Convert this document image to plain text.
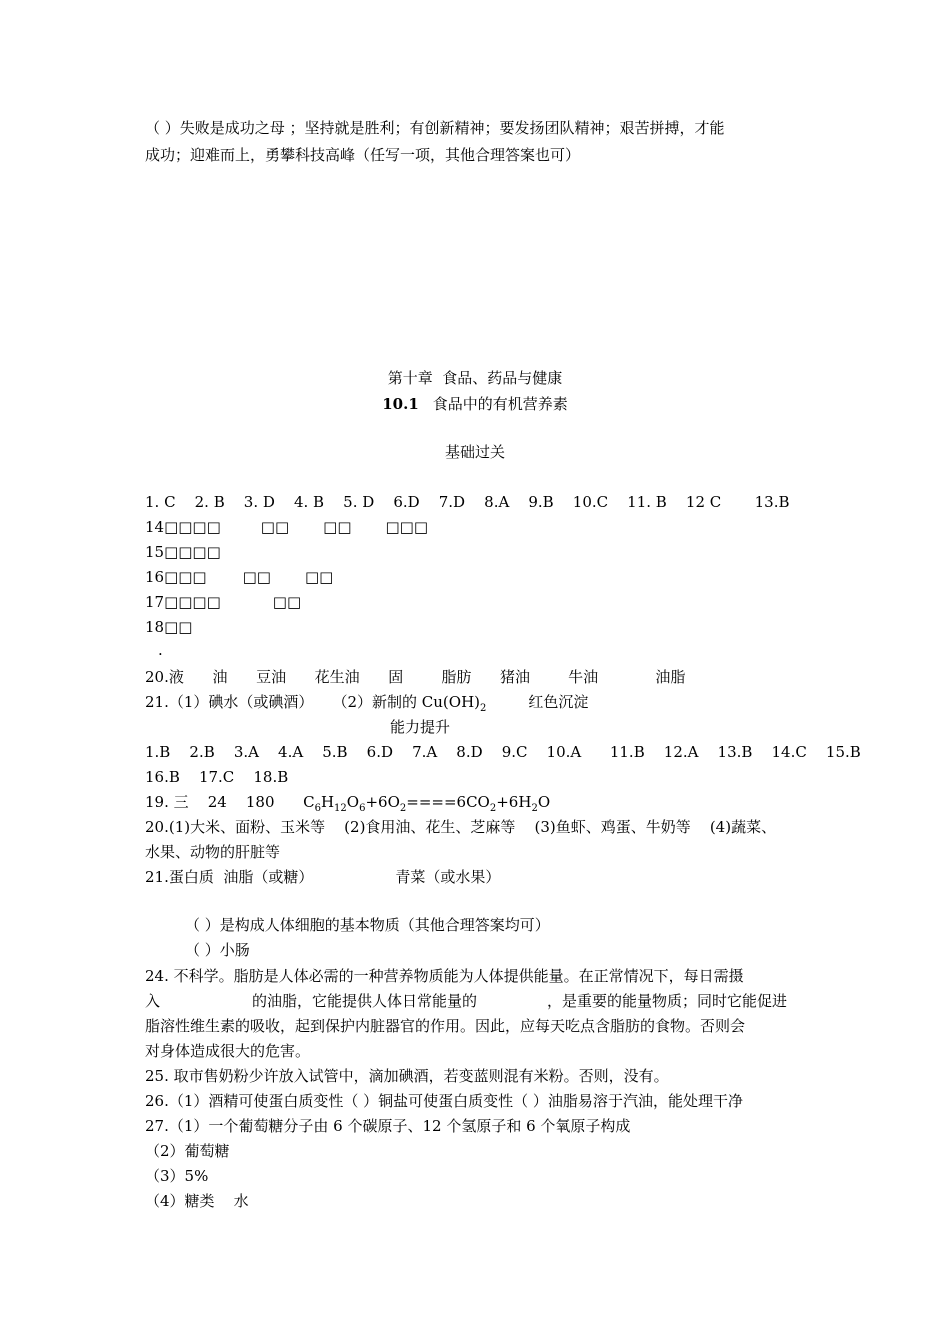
（ ）失败是成功之母 ；坚持就是胜利；有创新精神；要发扬团队精神；艰苦拼搏，才能
成功；迎难而上，勇攀科技高峰（任写一项，其他合理答案也可）
第十章  食品、药品与健康
10.1 食品中的有机营养素
基础过关
1. C    2. B    3. D    4. B    5. D    6.D    7.D    8.A    9.B    10.C    11. B    12 C       13.B
14□□□□	□□ □□ □□□
15□□□□
16□□□ □□ □□
17□□□□	□□
18□□
.
20.液      油      豆油      花生油      固        脂肪      猪油        牛油            油脂
21.（1）碘水（或碘酒）    （2）新制的 $Cu(OH)_2$	红色沉淀
能力提升
1.B    2.B    3.A    4.A    5.B    6.D    7.A    8.D    9.C    10.A      11.B    12.A    13.B    14.C    15.B
16.B    17.C    18.B
19. 三    24    180      $C_6H_{12}O_6+6O_2====6CO_2+6H_2O$
20.(1)大米、面粉、玉米等    (2)食用油、花生、芝麻等    (3)鱼虾、鸡蛋、牛奶等    (4)蔬菜、
水果、动物的肝脏等
21.蛋白质  油脂（或糖）	青菜（或水果）
（ ）是构成人体细胞的基本物质（其他合理答案均可）
（ ）小肠
24. 不科学。脂肪是人体必需的一种营养物质能为人体提供能量。在正常情况下，每日需摄
入	的油脂，它能提供人体日常能量的	，是重要的能量物质；同时它能促进
脂溶性维生素的吸收，起到保护内脏器官的作用。因此，应每天吃点含脂肪的食物。否则会
对身体造成很大的危害。
25. 取市售奶粉少许放入试管中，滴加碘酒，若变蓝则混有米粉。否则，没有。
26.（1）酒精可使蛋白质变性（ ）铜盐可使蛋白质变性（ ）油脂易溶于汽油，能处理干净
27.（1）一个葡萄糖分子由 6 个碳原子、12 个氢原子和 6 个氧原子构成
（2）葡萄糖
（3）5%
（4）糖类    水
